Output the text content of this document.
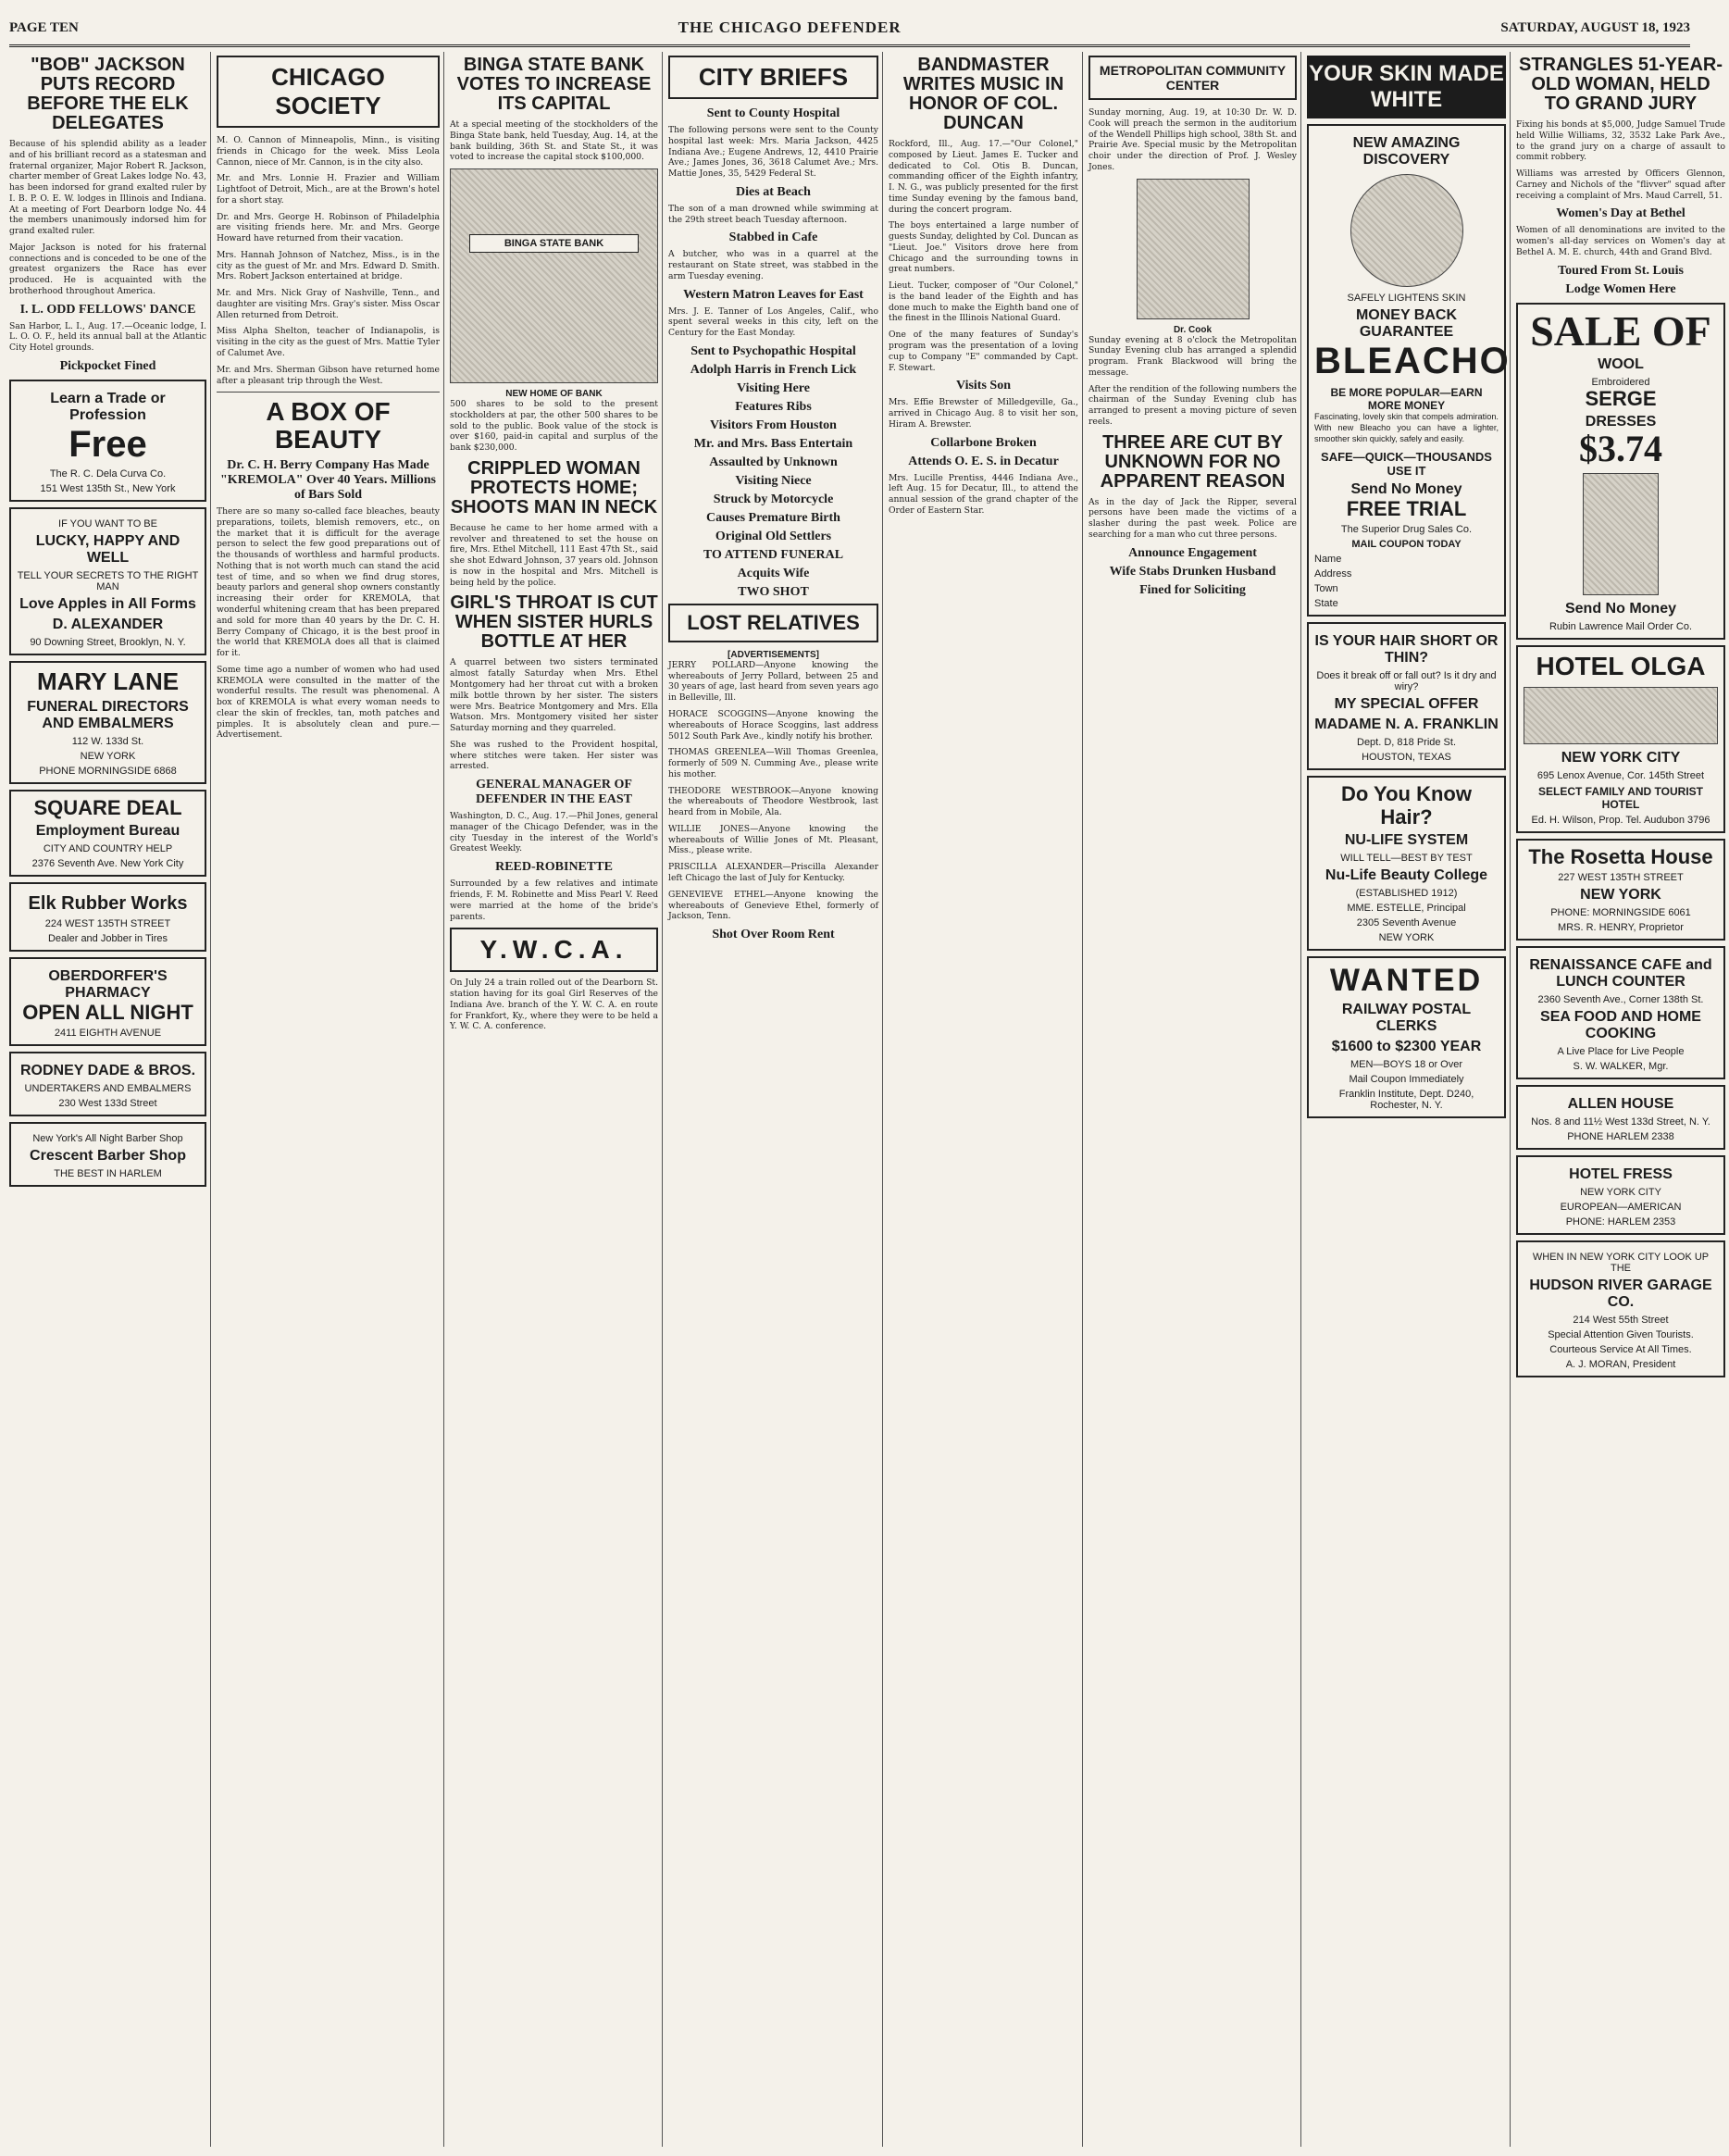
PAGE TEN	THE CHICAGO DEFENDER	SATURDAY, AUGUST 18, 1923
"BOB" JACKSON PUTS RECORD BEFORE THE ELK DELEGATES

Because of his splendid ability as a leader and of his brilliant record as a statesman and fraternal organizer, Major Robert R. Jackson, charter member of Great Lakes lodge No. 43, has been indorsed for grand exalted ruler by I. B. P. O. E. W. lodges in Illinois and Indiana. At a meeting of Fort Dearborn lodge No. 44 the members unanimously indorsed him for grand exalted ruler.

Major Jackson is noted for his fraternal connections and is conceded to be one of the greatest organizers the Race has ever produced. He is acquainted with the brotherhood throughout America.

I. L. ODD FELLOWS' DANCE

San Harbor, L. I., Aug. 17.—Oceanic lodge, I. L. O. O. F., held its annual ball at the Atlantic City Hotel grounds.

Pickpocket Fined
Learn a Trade or Profession
Free
The R. C. Dela Curva Co.
151 West 135th St., New York
IF YOU WANT TO BE
LUCKY, HAPPY AND WELL
TELL YOUR SECRETS TO THE RIGHT MAN
Love Apples in All Forms
D. ALEXANDER
90 Downing Street, Brooklyn, N. Y.
MARY LANE
FUNERAL DIRECTORS AND EMBALMERS
112 W. 133d St.
NEW YORK
PHONE MORNINGSIDE 6868
SQUARE DEAL
Employment Bureau
CITY AND COUNTRY HELP
2376 Seventh Ave. New York City
Elk Rubber Works
224 WEST 135TH STREET
Dealer and Jobber in Tires
OBERDORFER'S PHARMACY
OPEN ALL NIGHT
2411 EIGHTH AVENUE
RODNEY DADE & BROS.
UNDERTAKERS AND EMBALMERS
230 West 133d Street
New York's All Night Barber Shop
Crescent Barber Shop
THE BEST IN HARLEM
CHICAGO SOCIETY

M. O. Cannon of Minneapolis, Minn., is visiting friends in Chicago for the week. Miss Leola Cannon, niece of Mr. Cannon, is in the city also.

Mr. and Mrs. Lonnie H. Frazier and William Lightfoot of Detroit, Mich., are at the Brown's hotel for a short stay.

Dr. and Mrs. George H. Robinson of Philadelphia are visiting friends here. Mr. and Mrs. George Howard have returned from their vacation.

Mrs. Hannah Johnson of Natchez, Miss., is in the city as the guest of Mr. and Mrs. Edward D. Smith. Mrs. Robert Jackson entertained at bridge.

Mr. and Mrs. Nick Gray of Nashville, Tenn., and daughter are visiting Mrs. Gray's sister. Miss Oscar Allen returned from Detroit.

Miss Alpha Shelton, teacher of Indianapolis, is visiting in the city as the guest of Mrs. Mattie Tyler of Calumet Ave.

Mr. and Mrs. Sherman Gibson have returned home after a pleasant trip through the West.

A BOX OF BEAUTY
Dr. C. H. Berry Company Has Made "KREMOLA" Over 40 Years. Millions of Bars Sold

There are so many so-called face bleaches, beauty preparations, toilets, blemish removers, etc., on the market that it is difficult for the average person to select the few good preparations out of the thousands of worthless and harmful products. Nothing that is not worth much can stand the acid test of time, and so when we find drug stores, beauty parlors and general shop owners constantly increasing their order for KREMOLA, that wonderful whitening cream that has been prepared and sold for more than 40 years by the Dr. C. H. Berry Company of Chicago, it is the best proof in the world that KREMOLA does all that is claimed for it.

Some time ago a number of women who had used KREMOLA were consulted in the matter of the wonderful results. The result was phenomenal. A box of KREMOLA is what every woman needs to clear the skin of freckles, tan, moth patches and pimples. It is absolutely clean and pure.—Advertisement.

BINGA STATE BANK VOTES TO INCREASE ITS CAPITAL

At a special meeting of the stockholders of the Binga State bank, held Tuesday, Aug. 14, at the bank building, 36th St. and State St., it was voted to increase the capital stock $100,000.

BINGA STATE BANK
NEW HOME OF BANK

500 shares to be sold to the present stockholders at par, the other 500 shares to be sold to the public. Book value of the stock is over $160, paid-in capital and surplus of the bank $230,000.

CRIPPLED WOMAN PROTECTS HOME; SHOOTS MAN IN NECK

Because he came to her home armed with a revolver and threatened to set the house on fire, Mrs. Ethel Mitchell, 111 East 47th St., said she shot Edward Johnson, 37 years old. Johnson is now in the hospital and Mrs. Mitchell is being held by the police.

GIRL'S THROAT IS CUT WHEN SISTER HURLS BOTTLE AT HER

A quarrel between two sisters terminated almost fatally Saturday when Mrs. Ethel Montgomery had her throat cut with a broken milk bottle thrown by her sister. The sisters were Mrs. Beatrice Montgomery and Mrs. Ella Watson. Mrs. Montgomery visited her sister Saturday morning and they quarreled.

She was rushed to the Provident hospital, where stitches were taken. Her sister was arrested.

GENERAL MANAGER OF DEFENDER IN THE EAST

Washington, D. C., Aug. 17.—Phil Jones, general manager of the Chicago Defender, was in the city Tuesday in the interest of the World's Greatest Weekly.

REED-ROBINETTE

Surrounded by a few relatives and intimate friends, F. M. Robinette and Miss Pearl V. Reed were married at the home of the bride's parents.

Y.W.C.A.

On July 24 a train rolled out of the Dearborn St. station having for its goal Girl Reserves of the Indiana Ave. branch of the Y. W. C. A. en route for Frankfort, Ky., where they were to be held a Y. W. C. A. conference.

CITY BRIEFS
Sent to County Hospital

The following persons were sent to the County hospital last week: Mrs. Maria Jackson, 4425 Indiana Ave.; Eugene Andrews, 12, 4410 Prairie Ave.; James Jones, 36, 3618 Calumet Ave.; Mrs. Mattie Jones, 35, 5429 Federal St.

Dies at Beach

The son of a man drowned while swimming at the 29th street beach Tuesday afternoon.

Stabbed in Cafe

A butcher, who was in a quarrel at the restaurant on State street, was stabbed in the arm Tuesday evening.

Western Matron Leaves for East

Mrs. J. E. Tanner of Los Angeles, Calif., who spent several weeks in this city, left on the Century for the East Monday.

Sent to Psychopathic Hospital
Adolph Harris in French Lick
Visiting Here
Features Ribs
Visitors From Houston
Mr. and Mrs. Bass Entertain
Assaulted by Unknown
Visiting Niece
Struck by Motorcycle
Causes Premature Birth
Original Old Settlers
TO ATTEND FUNERAL
Acquits Wife
TWO SHOT
LOST RELATIVES
[ADVERTISEMENTS]

JERRY POLLARD—Anyone knowing the whereabouts of Jerry Pollard, between 25 and 30 years of age, last heard from seven years ago in Belleville, Ill.

HORACE SCOGGINS—Anyone knowing the whereabouts of Horace Scoggins, last address 5012 South Park Ave., kindly notify his brother.

THOMAS GREENLEA—Will Thomas Greenlea, formerly of 509 N. Cumming Ave., please write his mother.

THEODORE WESTBROOK—Anyone knowing the whereabouts of Theodore Westbrook, last heard from in Mobile, Ala.

WILLIE JONES—Anyone knowing the whereabouts of Willie Jones of Mt. Pleasant, Miss., please write.

PRISCILLA ALEXANDER—Priscilla Alexander left Chicago the last of July for Kentucky.

GENEVIEVE ETHEL—Anyone knowing the whereabouts of Genevieve Ethel, formerly of Jackson, Tenn.

Shot Over Room Rent
BANDMASTER WRITES MUSIC IN HONOR OF COL. DUNCAN

Rockford, Ill., Aug. 17.—"Our Colonel," composed by Lieut. James E. Tucker and dedicated to Col. Otis B. Duncan, commanding officer of the Eighth infantry, I. N. G., was publicly presented for the first time Sunday evening by the famous band, during the concert program.

The boys entertained a large number of guests Sunday, delighted by Col. Duncan as "Lieut. Joe." Visitors drove here from Chicago and the surrounding towns in great numbers.

Lieut. Tucker, composer of "Our Colonel," is the band leader of the Eighth and has done much to make the Eighth band one of the finest in the Illinois National Guard.

One of the many features of Sunday's program was the presentation of a loving cup to Company "E" commanded by Capt. F. Stewart.

Visits Son

Mrs. Effie Brewster of Milledgeville, Ga., arrived in Chicago Aug. 8 to visit her son, Hiram A. Brewster.

Collarbone Broken
Attends O. E. S. in Decatur

Mrs. Lucille Prentiss, 4446 Indiana Ave., left Aug. 15 for Decatur, Ill., to attend the annual session of the grand chapter of the Order of Eastern Star.

METROPOLITAN COMMUNITY CENTER

Sunday morning, Aug. 19, at 10:30 Dr. W. D. Cook will preach the sermon in the auditorium of the Wendell Phillips high school, 38th St. and Prairie Ave. Special music by the Metropolitan choir under the direction of Prof. J. Wesley Jones.

Dr. Cook

Sunday evening at 8 o'clock the Metropolitan Sunday Evening club has arranged a splendid program. Frank Blackwood will bring the message.

After the rendition of the following numbers the chairman of the Sunday Evening club has arranged to present a moving picture of seven reels.

THREE ARE CUT BY UNKNOWN FOR NO APPARENT REASON

As in the day of Jack the Ripper, several persons have been made the victims of a slasher during the past week. Police are searching for a man who cut three persons.

Announce Engagement
Wife Stabs Drunken Husband
Fined for Soliciting
YOUR SKIN MADE WHITE
NEW AMAZING DISCOVERY
SAFELY LIGHTENS SKIN
MONEY BACK GUARANTEE
BLEACHO
BE MORE POPULAR—EARN MORE MONEY

Fascinating, lovely skin that compels admiration. With new Bleacho you can have a lighter, smoother skin quickly, safely and easily.

SAFE—QUICK—THOUSANDS USE IT
Send No Money
FREE TRIAL
The Superior Drug Sales Co.
MAIL COUPON TODAY
Name
Address
Town
State
IS YOUR HAIR SHORT OR THIN?
Does it break off or fall out? Is it dry and wiry?
MY SPECIAL OFFER
MADAME N. A. FRANKLIN
Dept. D, 818 Pride St.
HOUSTON, TEXAS
Do You Know Hair?
NU-LIFE SYSTEM
WILL TELL—BEST BY TEST
Nu-Life Beauty College
(ESTABLISHED 1912)
MME. ESTELLE, Principal
2305 Seventh Avenue
NEW YORK
WANTED
RAILWAY POSTAL CLERKS
$1600 to $2300 YEAR
MEN—BOYS 18 or Over
Mail Coupon Immediately
Franklin Institute, Dept. D240, Rochester, N. Y.
STRANGLES 51-YEAR-OLD WOMAN, HELD TO GRAND JURY

Fixing his bonds at $5,000, Judge Samuel Trude held Willie Williams, 32, 3532 Lake Park Ave., to the grand jury on a charge of assault to commit robbery.

Williams was arrested by Officers Glennon, Carney and Nichols of the "flivver" squad after receiving a complaint of Mrs. Maud Carrell, 51.

Women's Day at Bethel

Women of all denominations are invited to the women's all-day services on Women's day at Bethel A. M. E. church, 44th and Grand Blvd.

Toured From St. Louis
Lodge Women Here
SALE OF
WOOL
Embroidered
SERGE
DRESSES
$3.74
Send No Money
Rubin Lawrence Mail Order Co.
HOTEL OLGA
NEW YORK CITY
695 Lenox Avenue, Cor. 145th Street
SELECT FAMILY AND TOURIST HOTEL
Ed. H. Wilson, Prop. Tel. Audubon 3796
The Rosetta House
227 WEST 135TH STREET
NEW YORK
PHONE: MORNINGSIDE 6061
MRS. R. HENRY, Proprietor
RENAISSANCE CAFE and LUNCH COUNTER
2360 Seventh Ave., Corner 138th St.
SEA FOOD AND HOME COOKING
A Live Place for Live People
S. W. WALKER, Mgr.
ALLEN HOUSE
Nos. 8 and 11½ West 133d Street, N. Y.
PHONE HARLEM 2338
HOTEL FRESS
NEW YORK CITY
EUROPEAN—AMERICAN
PHONE: HARLEM 2353
WHEN IN NEW YORK CITY LOOK UP THE
HUDSON RIVER GARAGE CO.
214 West 55th Street
Special Attention Given Tourists.
Courteous Service At All Times.
A. J. MORAN, President
